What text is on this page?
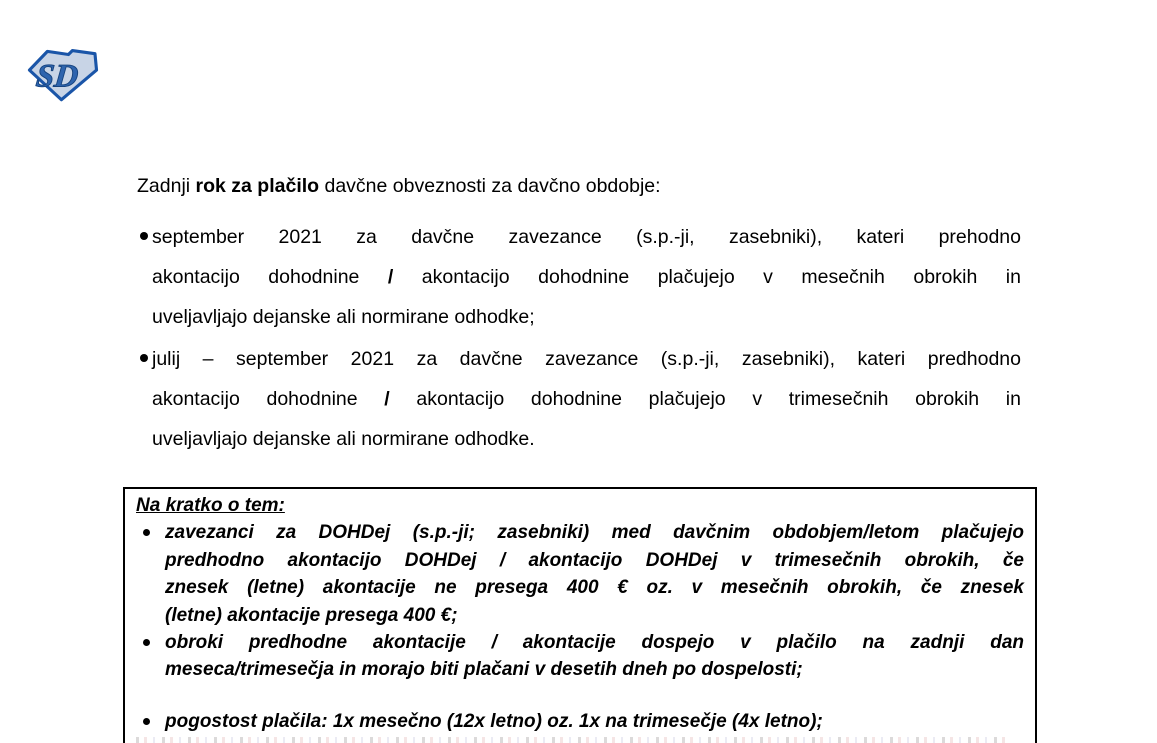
SD

Zadnji rok za plačilo davčne obveznosti za davčno obdobje:

september 2021 za davčne zavezance (s.p.-ji, zasebniki), kateri prehodno
akontacijo dohodnine / akontacijo dohodnine plačujejo v mesečnih obrokih in
uveljavljajo dejanske ali normirane odhodke;
julij – september 2021 za davčne zavezance (s.p.-ji, zasebniki), kateri predhodno
akontacijo dohodnine / akontacijo dohodnine plačujejo v trimesečnih obrokih in
uveljavljajo dejanske ali normirane odhodke.
Na kratko o tem:
zavezanci za DOHDej (s.p.-ji; zasebniki) med davčnim obdobjem/letom plačujejo
predhodno akontacijo DOHDej / akontacijo DOHDej v trimesečnih obrokih, če
znesek (letne) akontacije ne presega 400 € oz. v mesečnih obrokih, če znesek
(letne) akontacije presega 400 €;
obroki predhodne akontacije / akontacije dospejo v plačilo na zadnji dan
meseca/trimesečja in morajo biti plačani v desetih dneh po dospelosti;
pogostost plačila: 1x mesečno (12x letno) oz. 1x na trimesečje (4x letno);
